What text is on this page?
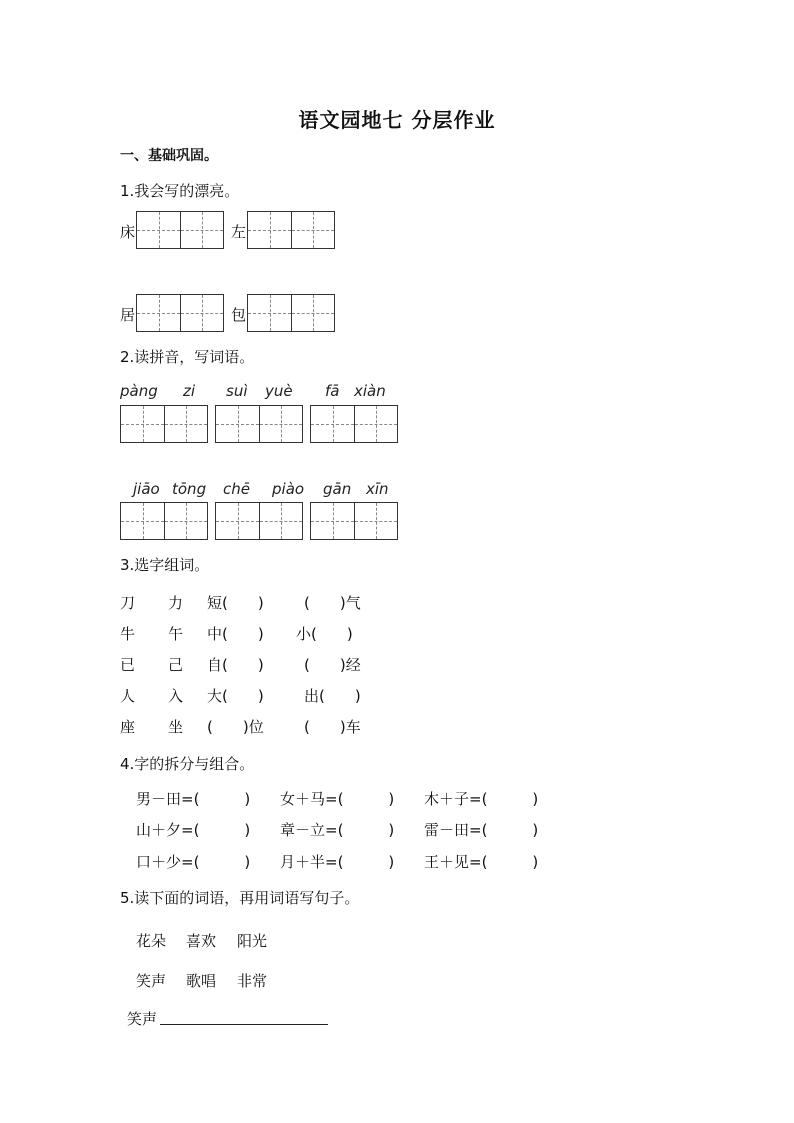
语文园地七 分层作业
一、基础巩固。
1.我会写的漂亮。
床	左
居	包
2.读拼音，写词语。
pàng zi suì yuè fā xiàn
jiāo tōng chē piào gān xīn
3.选字组词。
刀 力 短(　　)	(　　)气
牛 午 中(　　) 小(　　)
已 己 自(　　)	(　　)经
人 入 大(　　)	出(　　)
座 坐 (　　)位	(　　)车
4.字的拆分与组合。
男－田=(　　　) 女＋马=(　　　) 木＋子=(　　　)
山＋夕=(　　　) 章－立=(　　　) 雷－田=(　　　)
口＋少=(　　　) 月＋半=(　　　) 王＋见=(　　　)
5.读下面的词语，再用词语写句子。
花朵 喜欢 阳光
笑声 歌唱 非常
笑声
